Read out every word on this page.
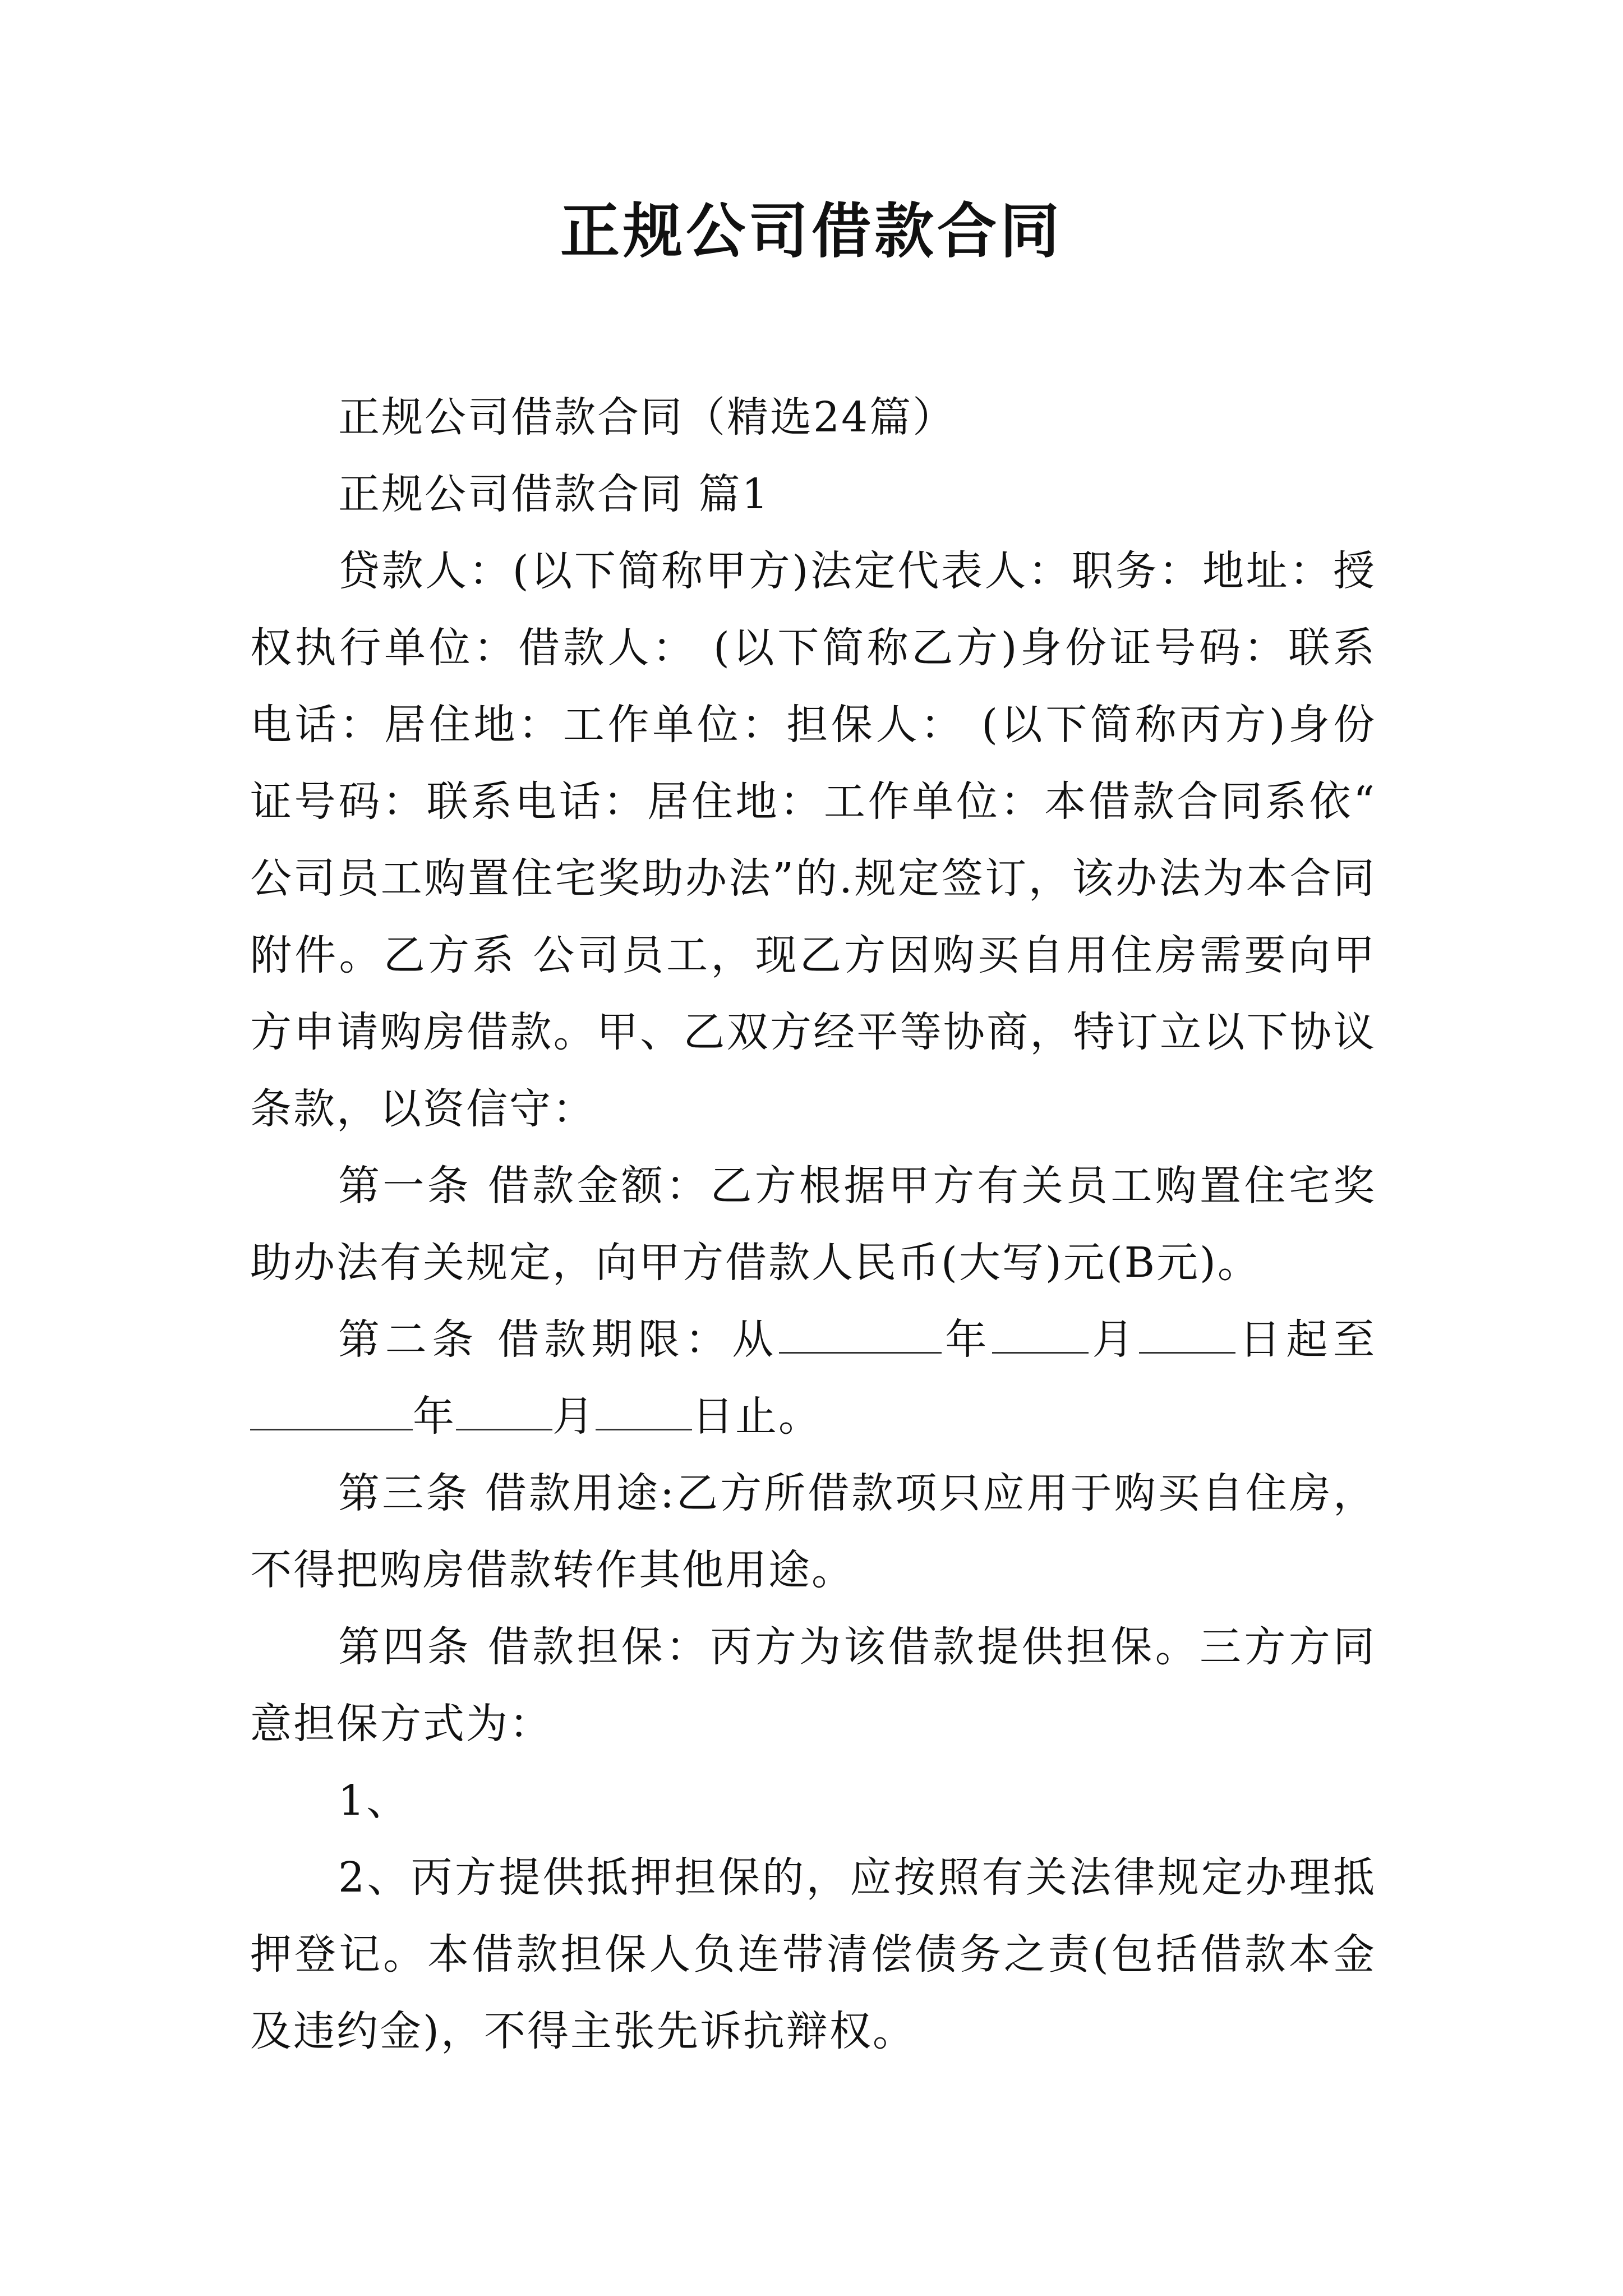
正规公司借款合同

正规公司借款合同（精选24篇）

正规公司借款合同 篇1

贷款人：(以下简称甲方)法定代表人：职务：地址：授权执行单位：借款人： (以下简称乙方)身份证号码：联系电话：居住地：工作单位：担保人： (以下简称丙方)身份证号码：联系电话：居住地：工作单位：本借款合同系依“ 公司员工购置住宅奖助办法”的.规定签订，该办法为本合同附件。乙方系 公司员工，现乙方因购买自用住房需要向甲方申请购房借款。甲、乙双方经平等协商，特订立以下协议条款，以资信守：

第一条 借款金额：乙方根据甲方有关员工购置住宅奖助办法有关规定，向甲方借款人民币(大写)元(B元)。

第二条 借款期限：从	年 月 日起至年 月 日止。

第三条 借款用途:乙方所借款项只应用于购买自住房，不得把购房借款转作其他用途。

第四条 借款担保：丙方为该借款提供担保。三方方同意担保方式为：

1、

2、丙方提供抵押担保的，应按照有关法律规定办理抵押登记。本借款担保人负连带清偿债务之责(包括借款本金及违约金)，不得主张先诉抗辩权。
